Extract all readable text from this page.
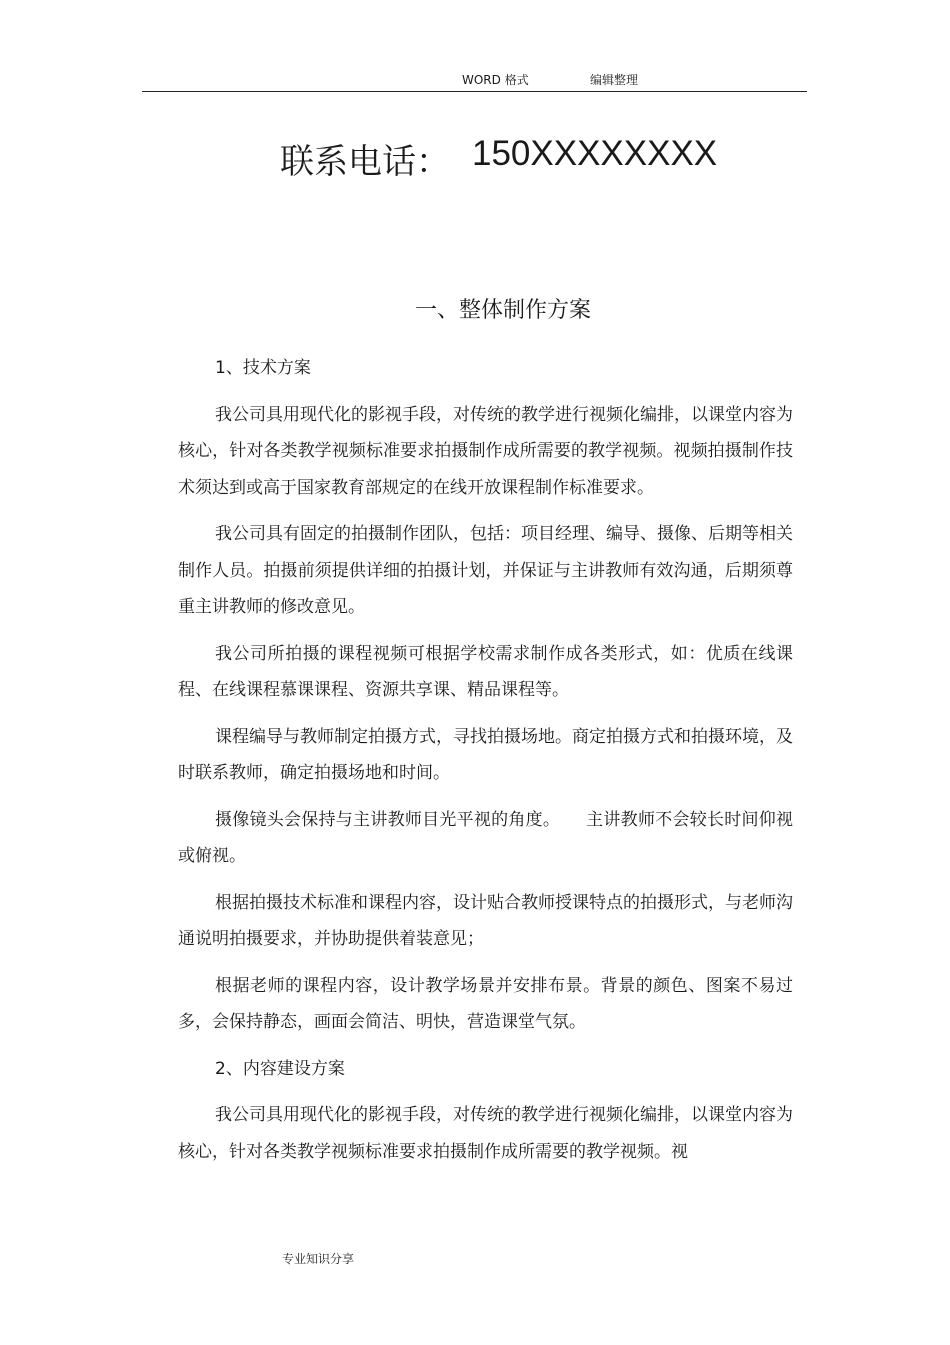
WORD 格式	编辑整理
联系电话： 150XXXXXXXX
一、整体制作方案
1、技术方案

我公司具用现代化的影视手段，对传统的教学进行视频化编排，以课堂内容为核心，针对各类教学视频标准要求拍摄制作成所需要的教学视频。视频拍摄制作技术须达到或高于国家教育部规定的在线开放课程制作标准要求。

我公司具有固定的拍摄制作团队，包括：项目经理、编导、摄像、后期等相关制作人员。拍摄前须提供详细的拍摄计划，并保证与主讲教师有效沟通，后期须尊重主讲教师的修改意见。

我公司所拍摄的课程视频可根据学校需求制作成各类形式，如：优质在线课程、在线课程慕课课程、资源共享课、精品课程等。

课程编导与教师制定拍摄方式，寻找拍摄场地。商定拍摄方式和拍摄环境，及时联系教师，确定拍摄场地和时间。

摄像镜头会保持与主讲教师目光平视的角度。　　主讲教师不会较长时间仰视或俯视。

根据拍摄技术标准和课程内容，设计贴合教师授课特点的拍摄形式，与老师沟通说明拍摄要求，并协助提供着装意见；

根据老师的课程内容，设计教学场景并安排布景。背景的颜色、图案不易过多，会保持静态，画面会简洁、明快，营造课堂气氛。

2、内容建设方案

我公司具用现代化的影视手段，对传统的教学进行视频化编排，以课堂内容为核心，针对各类教学视频标准要求拍摄制作成所需要的教学视频。视

专业知识分享
